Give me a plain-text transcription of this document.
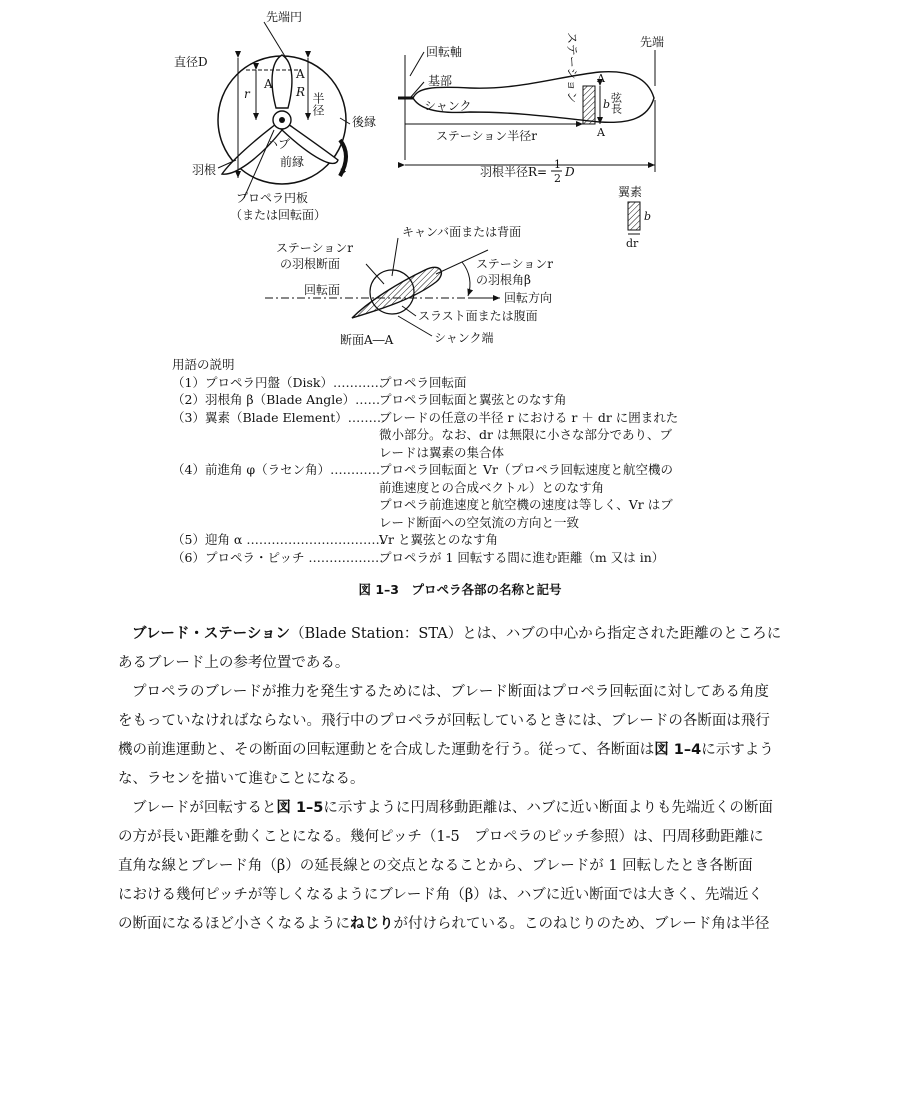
先端円
直径D
r
A
A
R 半径
ハブ
後縁
前縁
羽根
プロペラ円板
（または回転面）
回転軸
基部
シャンク
ステーション	先端
A
A
b 弦長
ステーション半径r
羽根半径R=
1
2 D
翼素
b
dr
ステーションr
の羽根断面
キャンバ面または背面
ステーションr
の羽根角β
回転面
回転方向
スラスト面または腹面
断面A―A	シャンク端
用語の説明
（1）プロペラ円盤（Disk）…………
プロペラ回転面
（2）羽根角 β（Blade Angle）……
プロペラ回転面と翼弦とのなす角
（3）翼素（Blade Element）………
ブレードの任意の半径 r における r ＋ dr に囲まれた
微小部分。なお、dr は無限に小さな部分であり、ブ
レードは翼素の集合体
（4）前進角 φ（ラセン角）…………
プロペラ回転面と Vr（プロペラ回転速度と航空機の
前進速度との合成ベクトル）とのなす角
プロペラ前進速度と航空機の速度は等しく、Vr はブ
レード断面への空気流の方向と一致
（5）迎角 α ……………………………
Vr と翼弦とのなす角
（6）プロペラ・ピッチ ………………
プロペラが 1 回転する間に進む距離（m 又は in）
図 1–3　プロペラ各部の名称と記号
ブレード・ステーション（Blade Station：STA）とは、ハブの中心から指定された距離のところに
あるブレード上の参考位置である。
プロペラのブレードが推力を発生するためには、ブレード断面はプロペラ回転面に対してある角度
をもっていなければならない。飛行中のプロペラが回転しているときには、ブレードの各断面は飛行
機の前進運動と、その断面の回転運動とを合成した運動を行う。従って、各断面は図 1–4に示すよう
な、ラセンを描いて進むことになる。
ブレードが回転すると図 1–5に示すように円周移動距離は、ハブに近い断面よりも先端近くの断面
の方が長い距離を動くことになる。幾何ピッチ（1-5　プロペラのピッチ参照）は、円周移動距離に
直角な線とブレード角（β）の延長線との交点となることから、ブレードが 1 回転したとき各断面
における幾何ピッチが等しくなるようにブレード角（β）は、ハブに近い断面では大きく、先端近く
の断面になるほど小さくなるようにねじりが付けられている。このねじりのため、ブレード角は半径
